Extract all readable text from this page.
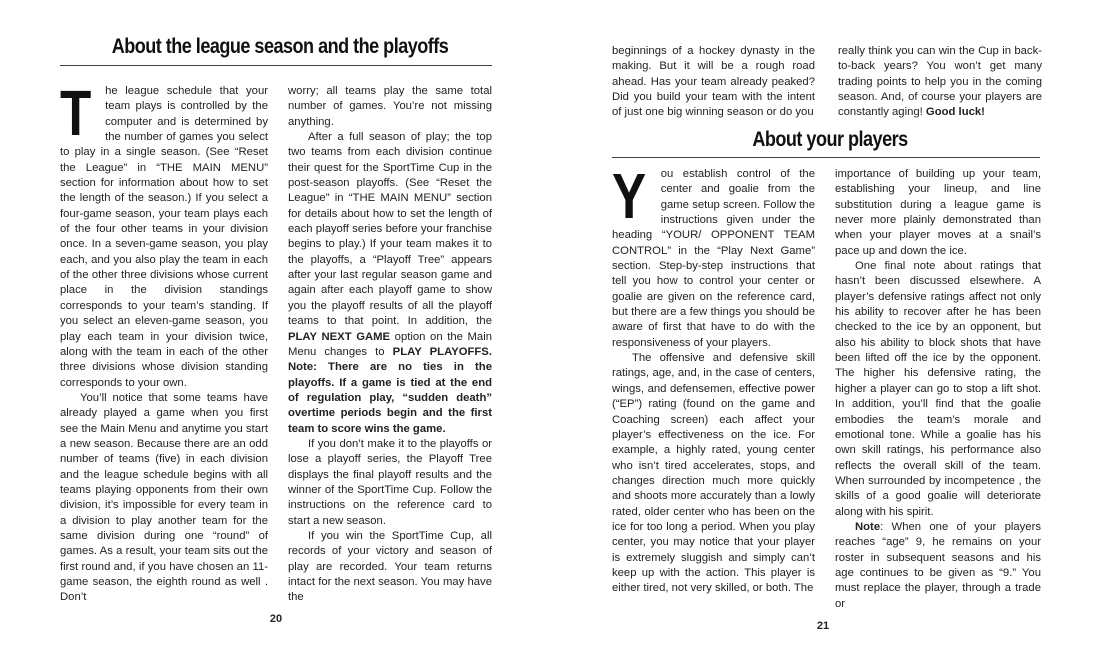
About the league season and the playoffs

T he league schedule that your team plays is controlled by the computer and is determined by the number of games you select to play in a single season. (See “Reset the League” in “THE MAIN MENU” section for information about how to set the length of the season.) If you select a four-game season, your team plays each of the four other teams in your division once. In a seven-game season, you play each, and you also play the team in each of the other three divisions whose current place in the division standings corresponds to your team’s standing. If you select an eleven-game season, you play each team in your division twice, along with the team in each of the other three divisions whose division standing corresponds to your own.

You’ll notice that some teams have already played a game when you first see the Main Menu and anytime you start a new season. Because there are an odd number of teams (five) in each division and the league schedule begins with all teams playing opponents from their own division, it’s impossible for every team in a division to play another team for the same division during one “round” of games. As a result, your team sits out the first round and, if you have chosen an 11-game season, the eighth round as well . Don’t

worry; all teams play the same total number of games. You’re not missing anything.

After a full season of play; the top two teams from each division continue their quest for the SportTime Cup in the post-season playoffs. (See “Reset the League” in “THE MAIN MENU” section for details about how to set the length of each playoff series before your franchise begins to play.) If your team makes it to the playoffs, a “Playoff Tree” appears after your last regular season game and again after each playoff game to show you the playoff results of all the playoff teams to that point. In addition, the PLAY NEXT GAME option on the Main Menu changes to PLAY PLAYOFFS. Note: There are no ties in the playoffs. If a game is tied at the end of regulation play, “sudden death” overtime periods begin and the first team to score wins the game.

If you don’t make it to the playoffs or lose a playoff series, the Playoff Tree displays the final playoff results and the winner of the SportTime Cup. Follow the instructions on the reference card to start a new season.

If you win the SportTime Cup, all records of your victory and season of play are recorded. Your team returns intact for the next season. You may have the

20

beginnings of a hockey dynasty in the making. But it will be a rough road ahead. Has your team already peaked? Did you build your team with the intent of just one big winning season or do you

really think you can win the Cup in back-to-back years? You won’t get many trading points to help you in the coming season. And, of course your players are constantly aging! Good luck!

About your players

Y ou establish control of the center and goalie from the game setup screen. Follow the instructions given under the heading “YOUR/ OPPONENT TEAM CONTROL” in the “Play Next Game” section. Step-by-step instructions that tell you how to control your center or goalie are given on the reference card, but there are a few things you should be aware of first that have to do with the responsiveness of your players.

The offensive and defensive skill ratings, age, and, in the case of centers, wings, and defensemen, effective power (“EP”) rating (found on the game and Coaching screen) each affect your player’s effectiveness on the ice. For example, a highly rated, young center who isn’t tired accelerates, stops, and changes direction much more quickly and shoots more accurately than a lowly rated, older center who has been on the ice for too long a period. When you play center, you may notice that your player is extremely sluggish and simply can’t keep up with the action. This player is either tired, not very skilled, or both. The

importance of building up your team, establishing your lineup, and line substitution during a league game is never more plainly demonstrated than when your player moves at a snail’s pace up and down the ice.

One final note about ratings that hasn’t been discussed elsewhere. A player’s defensive ratings affect not only his ability to recover after he has been checked to the ice by an opponent, but also his ability to block shots that have been lifted off the ice by the opponent. The higher his defensive rating, the higher a player can go to stop a lift shot. In addition, you’ll find that the goalie embodies the team’s morale and emotional tone. While a goalie has his own skill ratings, his performance also reflects the overall skill of the team. When surrounded by incompetence , the skills of a good goalie will deteriorate along with his spirit.

Note: When one of your players reaches “age” 9, he remains on your roster in subsequent seasons and his age continues to be given as “9.” You must replace the player, through a trade or

21
